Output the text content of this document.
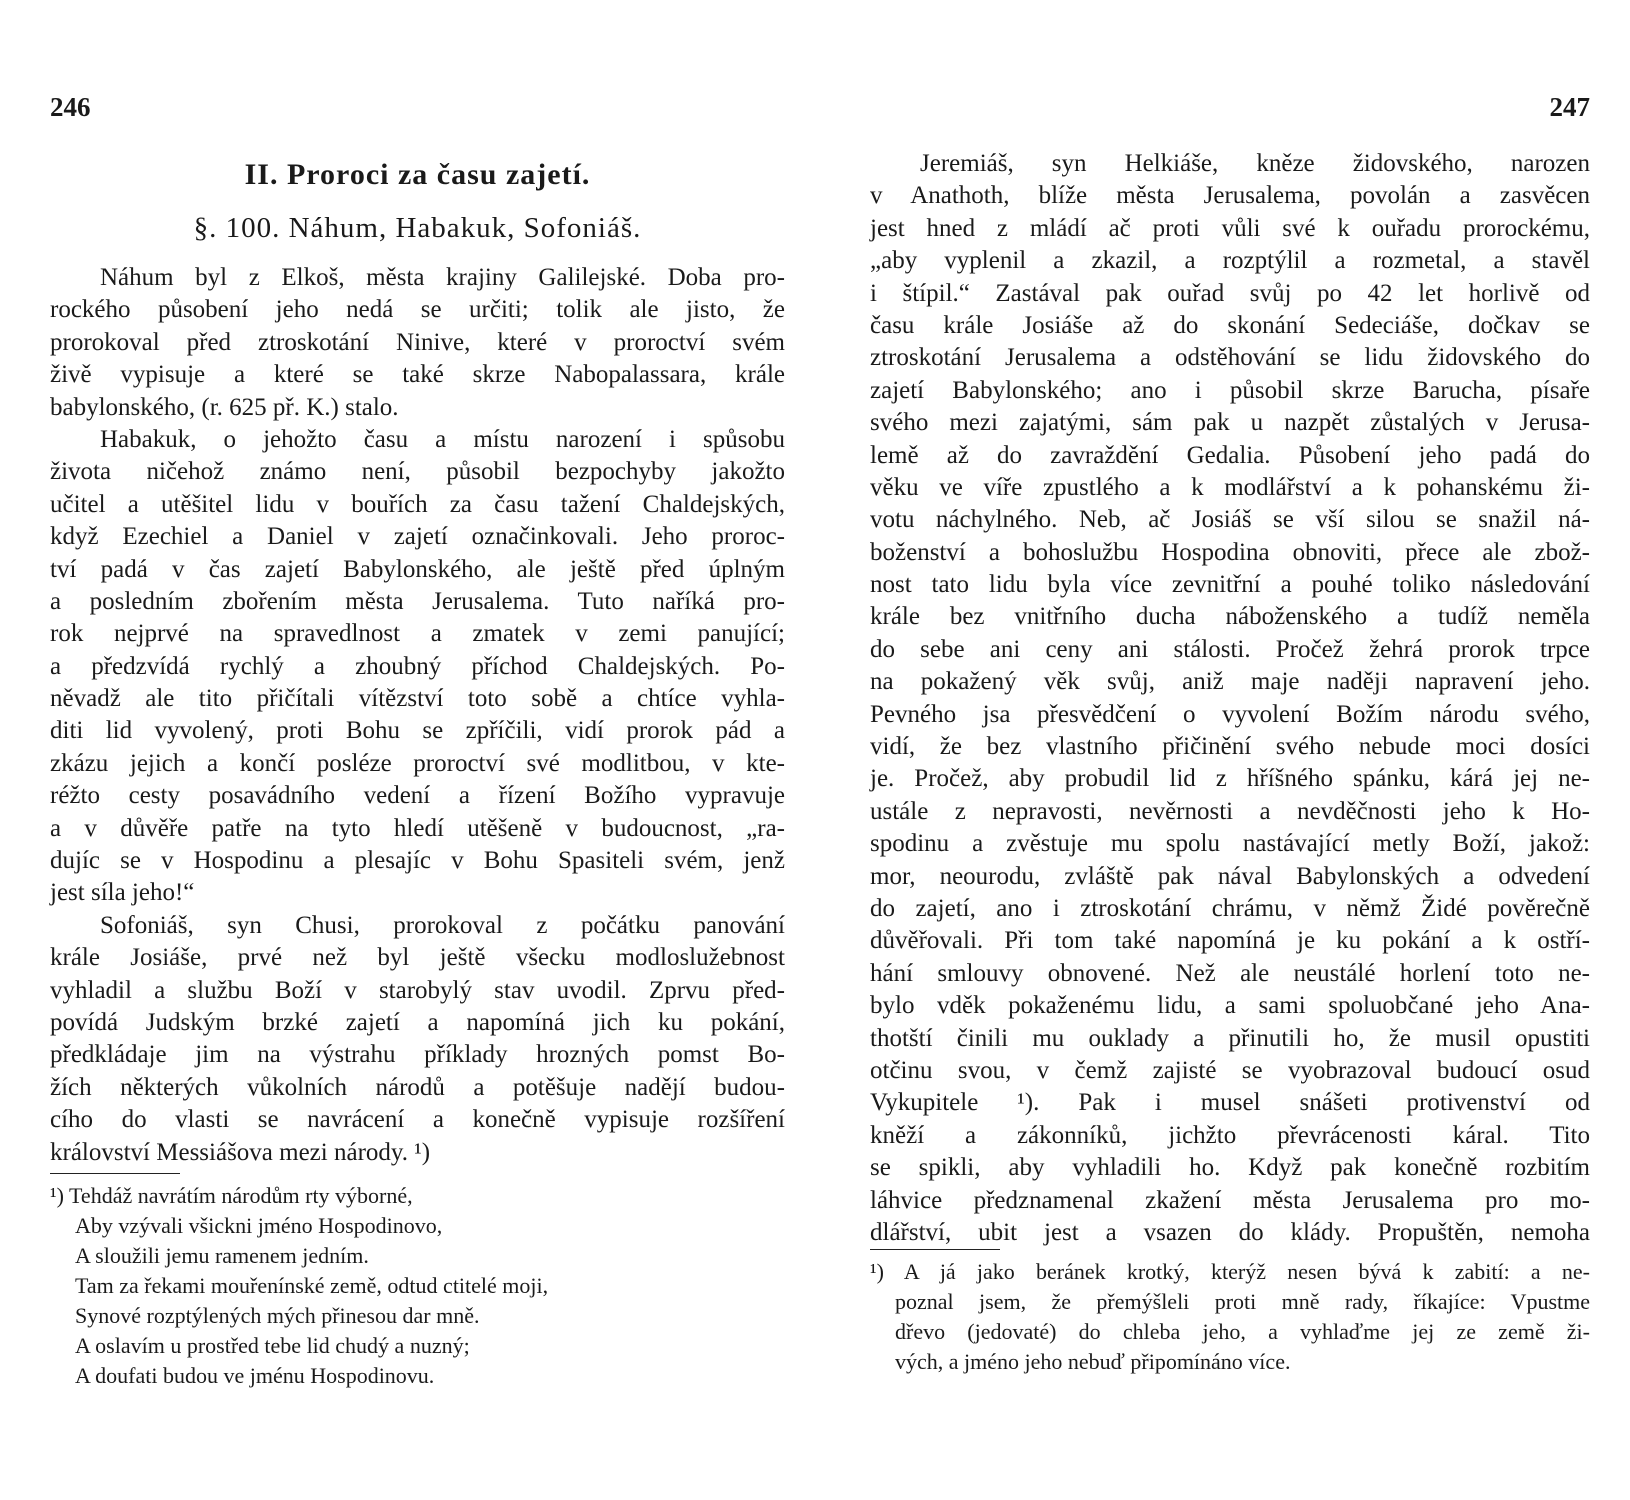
246
II. Proroci za času zajetí.
§. 100. Náhum, Habakuk, Sofoniáš.
Náhum byl z Elkoš, města krajiny Galilejské. Doba pro-
rockého působení jeho nedá se určiti; tolik ale jisto, že
prorokoval před ztroskotání Ninive, které v proroctví svém
živě vypisuje a které se také skrze Nabopalassara, krále
babylonského, (r. 625 př. K.) stalo.
Habakuk, o jehožto času a místu narození i spůsobu
života ničehož známo není, působil bezpochyby jakožto
učitel a utěšitel lidu v bouřích za času tažení Chaldejských,
když Ezechiel a Daniel v zajetí označinkovali. Jeho proroc-
tví padá v čas zajetí Babylonského, ale ještě před úplným
a posledním zbořením města Jerusalema. Tuto naříká pro-
rok nejprvé na spravedlnost a zmatek v zemi panující;
a předzvídá rychlý a zhoubný příchod Chaldejských. Po-
něvadž ale tito přičítali vítězství toto sobě a chtíce vyhla-
diti lid vyvolený, proti Bohu se zpříčili, vidí prorok pád a
zkázu jejich a končí posléze proroctví své modlitbou, v kte-
réžto cesty posavádního vedení a řízení Božího vypravuje
a v důvěře patře na tyto hledí utěšeně v budoucnost, „ra-
dujíc se v Hospodinu a plesajíc v Bohu Spasiteli svém, jenž
jest síla jeho!“
Sofoniáš, syn Chusi, prorokoval z počátku panování
krále Josiáše, prvé než byl ještě všecku modloslužebnost
vyhladil a službu Boží v starobylý stav uvodil. Zprvu před-
povídá Judským brzké zajetí a napomíná jich ku pokání,
předkládaje jim na výstrahu příklady hrozných pomst Bo-
žích některých vůkolních národů a potěšuje nadějí budou-
cího do vlasti se navrácení a konečně vypisuje rozšíření
království Messiášova mezi národy. ¹)
¹) Tehdáž navrátím národům rty výborné,
Aby vzývali všickni jméno Hospodinovo,
A sloužili jemu ramenem jedním.
Tam za řekami mouřenínské země, odtud ctitelé moji,
Synové rozptýlených mých přinesou dar mně.
A oslavím u prostřed tebe lid chudý a nuzný;
A doufati budou ve jménu Hospodinovu.
247
Jeremiáš, syn Helkiáše, kněze židovského, narozen
v Anathoth, blíže města Jerusalema, povolán a zasvěcen
jest hned z mládí ač proti vůli své k ouřadu prorockému,
„aby vyplenil a zkazil, a rozptýlil a rozmetal, a stavěl
i štípil.“ Zastával pak ouřad svůj po 42 let horlivě od
času krále Josiáše až do skonání Sedeciáše, dočkav se
ztroskotání Jerusalema a odstěhování se lidu židovského do
zajetí Babylonského; ano i působil skrze Barucha, písaře
svého mezi zajatými, sám pak u nazpět zůstalých v Jerusa-
lemě až do zavraždění Gedalia. Působení jeho padá do
věku ve víře zpustlého a k modlářství a k pohanskému ži-
votu náchylného. Neb, ač Josiáš se vší silou se snažil ná-
boženství a bohoslužbu Hospodina obnoviti, přece ale zbož-
nost tato lidu byla více zevnitřní a pouhé toliko následování
krále bez vnitřního ducha náboženského a tudíž neměla
do sebe ani ceny ani stálosti. Pročež žehrá prorok trpce
na pokažený věk svůj, aniž maje naději napravení jeho.
Pevného jsa přesvědčení o vyvolení Božím národu svého,
vidí, že bez vlastního přičinění svého nebude moci dosíci
je. Pročež, aby probudil lid z hříšného spánku, kárá jej ne-
ustále z nepravosti, nevěrnosti a nevděčnosti jeho k Ho-
spodinu a zvěstuje mu spolu nastávající metly Boží, jakož:
mor, neourodu, zvláště pak nával Babylonských a odvedení
do zajetí, ano i ztroskotání chrámu, v němž Židé pověrečně
důvěřovali. Při tom také napomíná je ku pokání a k ostří-
hání smlouvy obnovené. Než ale neustálé horlení toto ne-
bylo vděk pokaženému lidu, a sami spoluobčané jeho Ana-
thotští činili mu ouklady a přinutili ho, že musil opustiti
otčinu svou, v čemž zajisté se vyobrazoval budoucí osud
Vykupitele ¹). Pak i musel snášeti protivenství od
kněží a zákonníků, jichžto převrácenosti káral. Tito
se spikli, aby vyhladili ho. Když pak konečně rozbitím
láhvice předznamenal zkažení města Jerusalema pro mo-
dlářství, ubit jest a vsazen do klády. Propuštěn, nemoha
¹) A já jako beránek krotký, kterýž nesen bývá k zabití: a ne-
poznal jsem, že přemýšleli proti mně rady, říkajíce: Vpustme
dřevo (jedovaté) do chleba jeho, a vyhlaďme jej ze země ži-
vých, a jméno jeho nebuď připomínáno více.
